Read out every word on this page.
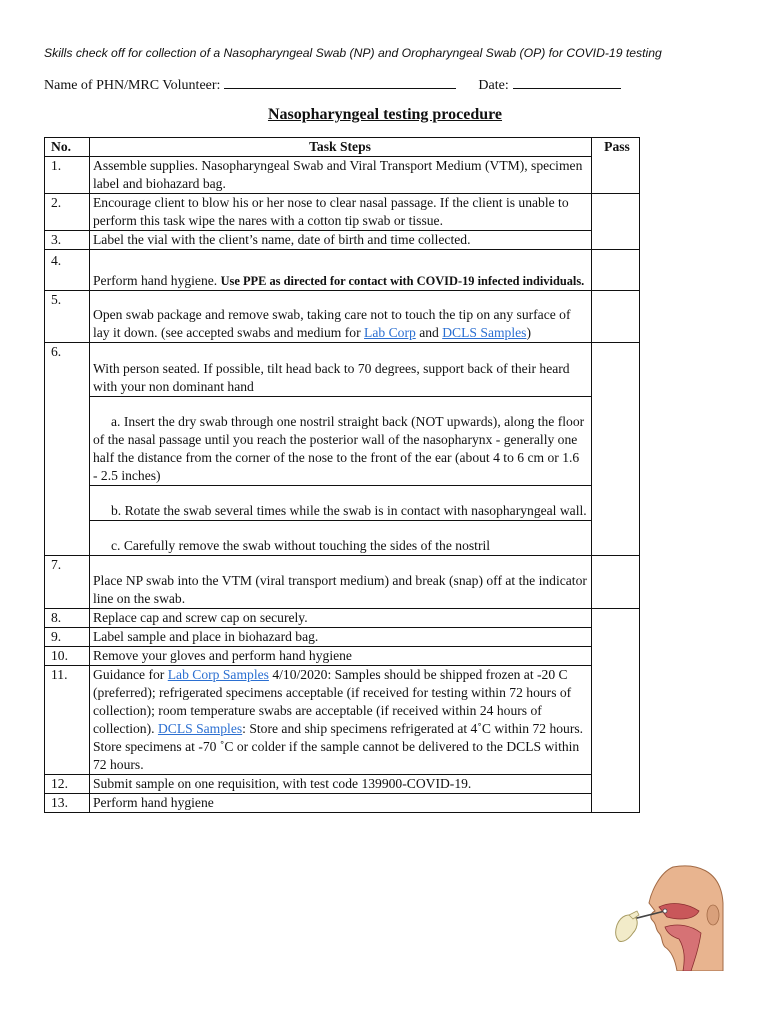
Skills check off for collection of a Nasopharyngeal Swab (NP) and Oropharyngeal Swab (OP) for COVID-19 testing
Name of PHN/MRC Volunteer:	Date:
Nasopharyngeal testing procedure
No.	Task Steps	Pass
1.	Assemble supplies. Nasopharyngeal Swab and Viral Transport Medium (VTM), specimen label and biohazard bag.	
2.	Encourage client to blow his or her nose to clear nasal passage. If the client is unable to perform this task wipe the nares with a cotton tip swab or tissue.	
3.	Label the vial with the client’s name, date of birth and time collected.	
4.	Perform hand hygiene. Use PPE as directed for contact with COVID-19 infected individuals.	
5.	Open swab package and remove swab, taking care not to touch the tip on any surface of lay it down. (see accepted swabs and medium for Lab Corp and DCLS Samples)	
6.	With person seated. If possible, tilt head back to 70 degrees, support back of their heard with your non dominant hand	
	a. Insert the dry swab through one nostril straight back (NOT upwards), along the floor of the nasal passage until you reach the posterior wall of the nasopharynx - generally one half the distance from the corner of the nose to the front of the ear (about 4 to 6 cm or 1.6 - 2.5 inches)	
	b. Rotate the swab several times while the swab is in contact with nasopharyngeal wall.	
	c. Carefully remove the swab without touching the sides of the nostril	
7.	Place NP swab into the VTM (viral transport medium) and break (snap) off at the indicator line on the swab.	
8.	Replace cap and screw cap on securely.	
9.	Label sample and place in biohazard bag.	
10.	Remove your gloves and perform hand hygiene	
11.	Guidance for Lab Corp Samples 4/10/2020: Samples should be shipped frozen at -20 C (preferred); refrigerated specimens acceptable (if received for testing within 72 hours of collection); room temperature swabs are acceptable (if received within 24 hours of collection). DCLS Samples: Store and ship specimens refrigerated at 4˚C within 72 hours. Store specimens at -70 ˚C or colder if the sample cannot be delivered to the DCLS within 72 hours.	
12.	Submit sample on one requisition, with test code 139900-COVID-19.	
13.	Perform hand hygiene	
